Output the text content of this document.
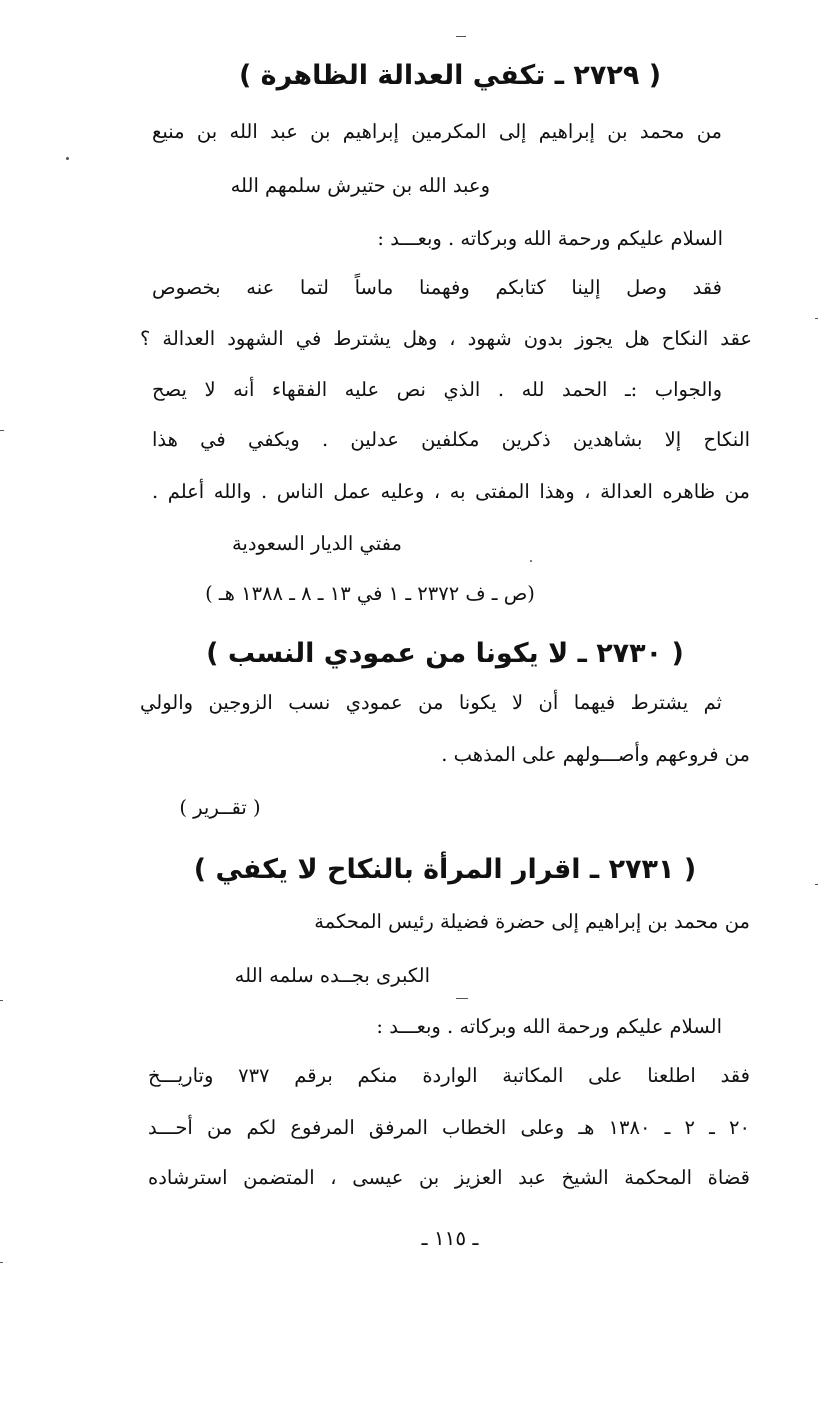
( ٢٧٢٩ ـ تكفي العدالة الظاهرة )
من محمد بن إبراهيم إلى المكرمين إبراهيم بن عبد الله بن منيع
وعبد الله بن حتيرش سلمهم الله
السلام عليكم ورحمة الله وبركاته . وبعـــد :
فقد وصل إلينا كتابكم وفهمنا ماساً لتما عنه بخصوص
عقد النكاح هل يجوز بدون شهود ، وهل يشترط في الشهود العدالة ؟
والجواب :ـ الحمد لله . الذي نص عليه الفقهاء أنه لا يصح
النكاح إلا بشاهدين ذكرين مكلفين عدلين . ويكفي في هذا
من ظاهره العدالة ، وهذا المفتى به ، وعليه عمل الناس . والله أعلم .
مفتي الديار السعودية
(ص ـ ف ٢٣٧٢ ـ ١ في ١٣ ـ ٨ ـ ١٣٨٨ هـ )
( ٢٧٣٠ ـ لا يكونا من عمودي النسب )
ثم يشترط فيهما أن لا يكونا من عمودي نسب الزوجين والولي
من فروعهم وأصـــولهم على المذهب .
( تقــرير )
( ٢٧٣١ ـ اقرار المرأة بالنكاح لا يكفي )
من محمد بن إبراهيم إلى حضرة فضيلة رئيس المحكمة
الكبرى بجــده سلمه الله
السلام عليكم ورحمة الله وبركاته . وبعـــد :
فقد اطلعنا على المكاتبة الواردة منكم برقم ٧٣٧ وتاريـــخ
٢٠ ـ ٢ ـ ١٣٨٠ هـ وعلى الخطاب المرفق المرفوع لكم من أحـــد
قضاة المحكمة الشيخ عبد العزيز بن عيسى ، المتضمن استرشاده
ـ ١١٥ ـ
